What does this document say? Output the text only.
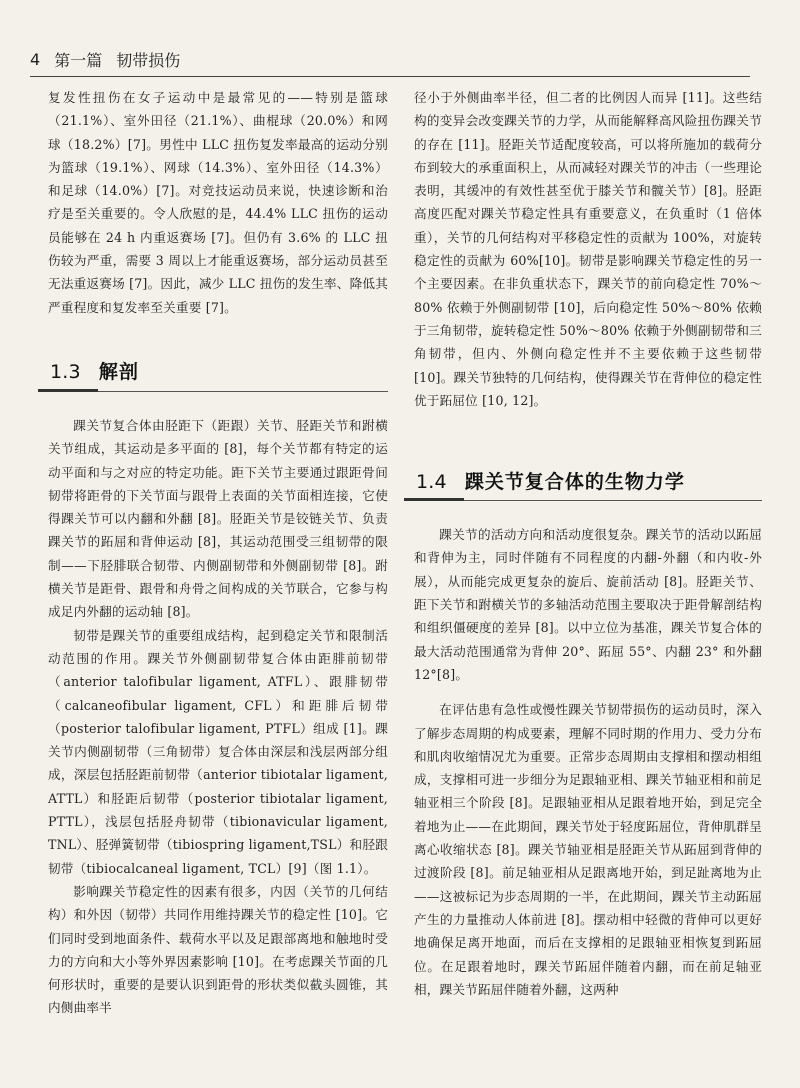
4 第一篇 韧带损伤

复发性扭伤在女子运动中是最常见的——特别是篮球（21.1%）、室外田径（21.1%）、曲棍球（20.0%）和网球（18.2%）[7]。男性中 LLC 扭伤复发率最高的运动分别为篮球（19.1%）、网球（14.3%）、室外田径（14.3%）和足球（14.0%）[7]。对竞技运动员来说，快速诊断和治疗是至关重要的。令人欣慰的是，44.4% LLC 扭伤的运动员能够在 24 h 内重返赛场 [7]。但仍有 3.6% 的 LLC 扭伤较为严重，需要 3 周以上才能重返赛场，部分运动员甚至无法重返赛场 [7]。因此，减少 LLC 扭伤的发生率、降低其严重程度和复发率至关重要 [7]。

1.3 解剖

踝关节复合体由胫距下（距跟）关节、胫距关节和跗横关节组成，其运动是多平面的 [8]，每个关节都有特定的运动平面和与之对应的特定功能。距下关节主要通过跟距骨间韧带将距骨的下关节面与跟骨上表面的关节面相连接，它使得踝关节可以内翻和外翻 [8]。胫距关节是铰链关节、负责踝关节的跖屈和背伸运动 [8]，其运动范围受三组韧带的限制——下胫腓联合韧带、内侧副韧带和外侧副韧带 [8]。跗横关节是距骨、跟骨和舟骨之间构成的关节联合，它参与构成足内外翻的运动轴 [8]。

韧带是踝关节的重要组成结构，起到稳定关节和限制活动范围的作用。踝关节外侧副韧带复合体由距腓前韧带（anterior talofibular ligament, ATFL）、跟腓韧带（calcaneofibular ligament, CFL）和距腓后韧带（posterior talofibular ligament, PTFL）组成 [1]。踝关节内侧副韧带（三角韧带）复合体由深层和浅层两部分组成，深层包括胫距前韧带（anterior tibiotalar ligament, ATTL）和胫距后韧带（posterior tibiotalar ligament, PTTL），浅层包括胫舟韧带（tibionavicular ligament, TNL）、胫弹簧韧带（tibiospring ligament,TSL）和胫跟韧带（tibiocalcaneal ligament, TCL）[9]（图 1.1）。

影响踝关节稳定性的因素有很多，内因（关节的几何结构）和外因（韧带）共同作用维持踝关节的稳定性 [10]。它们同时受到地面条件、载荷水平以及足跟部离地和触地时受力的方向和大小等外界因素影响 [10]。在考虑踝关节面的几何形状时，重要的是要认识到距骨的形状类似截头圆锥，其内侧曲率半

径小于外侧曲率半径，但二者的比例因人而异 [11]。这些结构的变异会改变踝关节的力学，从而能解释高风险扭伤踝关节的存在 [11]。胫距关节适配度较高，可以将所施加的载荷分布到较大的承重面积上，从而减轻对踝关节的冲击（一些理论表明，其缓冲的有效性甚至优于膝关节和髋关节）[8]。胫距高度匹配对踝关节稳定性具有重要意义，在负重时（1 倍体重），关节的几何结构对平移稳定性的贡献为 100%，对旋转稳定性的贡献为 60%[10]。韧带是影响踝关节稳定性的另一个主要因素。在非负重状态下，踝关节的前向稳定性 70%～80% 依赖于外侧副韧带 [10]，后向稳定性 50%～80% 依赖于三角韧带，旋转稳定性 50%～80% 依赖于外侧副韧带和三角韧带，但内、外侧向稳定性并不主要依赖于这些韧带 [10]。踝关节独特的几何结构，使得踝关节在背伸位的稳定性优于跖屈位 [10, 12]。

1.4 踝关节复合体的生物力学

踝关节的活动方向和活动度很复杂。踝关节的活动以跖屈和背伸为主，同时伴随有不同程度的内翻-外翻（和内收-外展），从而能完成更复杂的旋后、旋前活动 [8]。胫距关节、距下关节和跗横关节的多轴活动范围主要取决于距骨解剖结构和组织僵硬度的差异 [8]。以中立位为基准，踝关节复合体的最大活动范围通常为背伸 20°、跖屈 55°、内翻 23° 和外翻 12°[8]。

在评估患有急性或慢性踝关节韧带损伤的运动员时，深入了解步态周期的构成要素，理解不同时期的作用力、受力分布和肌肉收缩情况尤为重要。正常步态周期由支撑相和摆动相组成，支撑相可进一步细分为足跟轴亚相、踝关节轴亚相和前足轴亚相三个阶段 [8]。足跟轴亚相从足跟着地开始，到足完全着地为止——在此期间，踝关节处于轻度跖屈位，背伸肌群呈离心收缩状态 [8]。踝关节轴亚相是胫距关节从跖屈到背伸的过渡阶段 [8]。前足轴亚相从足跟离地开始，到足趾离地为止——这被标记为步态周期的一半，在此期间，踝关节主动跖屈产生的力量推动人体前进 [8]。摆动相中轻微的背伸可以更好地确保足离开地面，而后在支撑相的足跟轴亚相恢复到跖屈位。在足跟着地时，踝关节跖屈伴随着内翻，而在前足轴亚相，踝关节跖屈伴随着外翻，这两种
